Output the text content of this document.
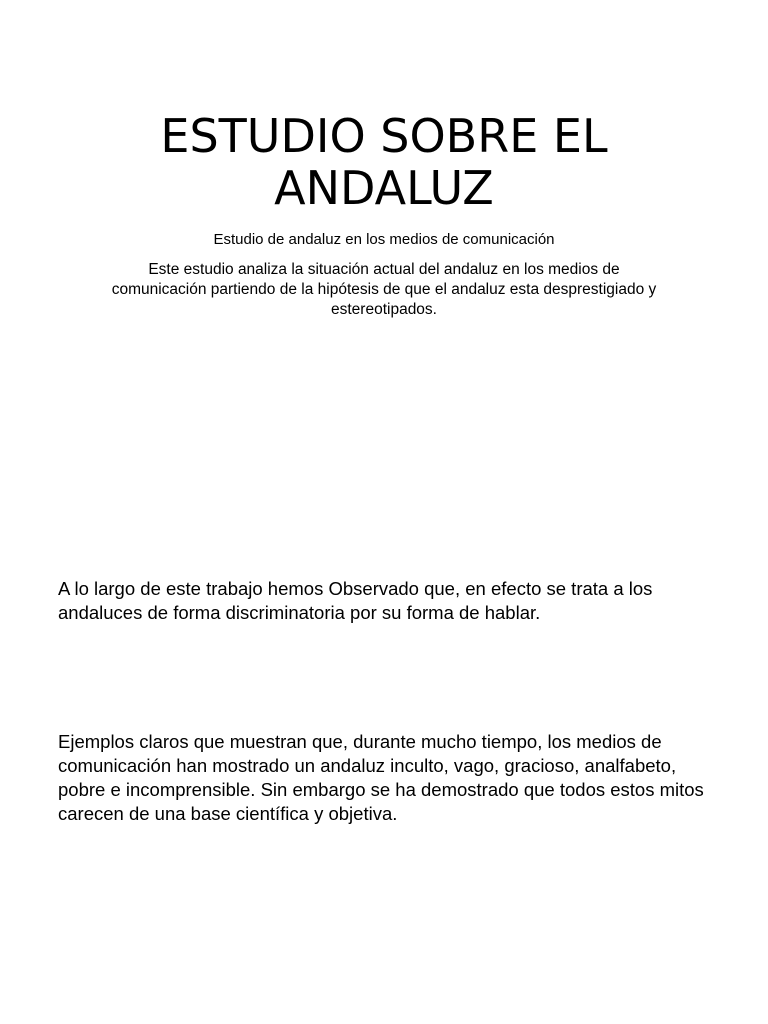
ESTUDIO SOBRE EL ANDALUZ

Estudio de andaluz en los medios de comunicación

Este estudio analiza la situación actual del andaluz en los medios de comunicación partiendo de la hipótesis de que el andaluz esta desprestigiado y estereotipados.

A lo largo de este trabajo hemos Observado que, en efecto se trata a los andaluces de forma discriminatoria por su forma de hablar.

Ejemplos claros que muestran que, durante mucho tiempo, los medios de comunicación han mostrado un andaluz inculto, vago, gracioso, analfabeto, pobre e incomprensible. Sin embargo se ha demostrado que todos estos mitos carecen de una base científica y objetiva.
